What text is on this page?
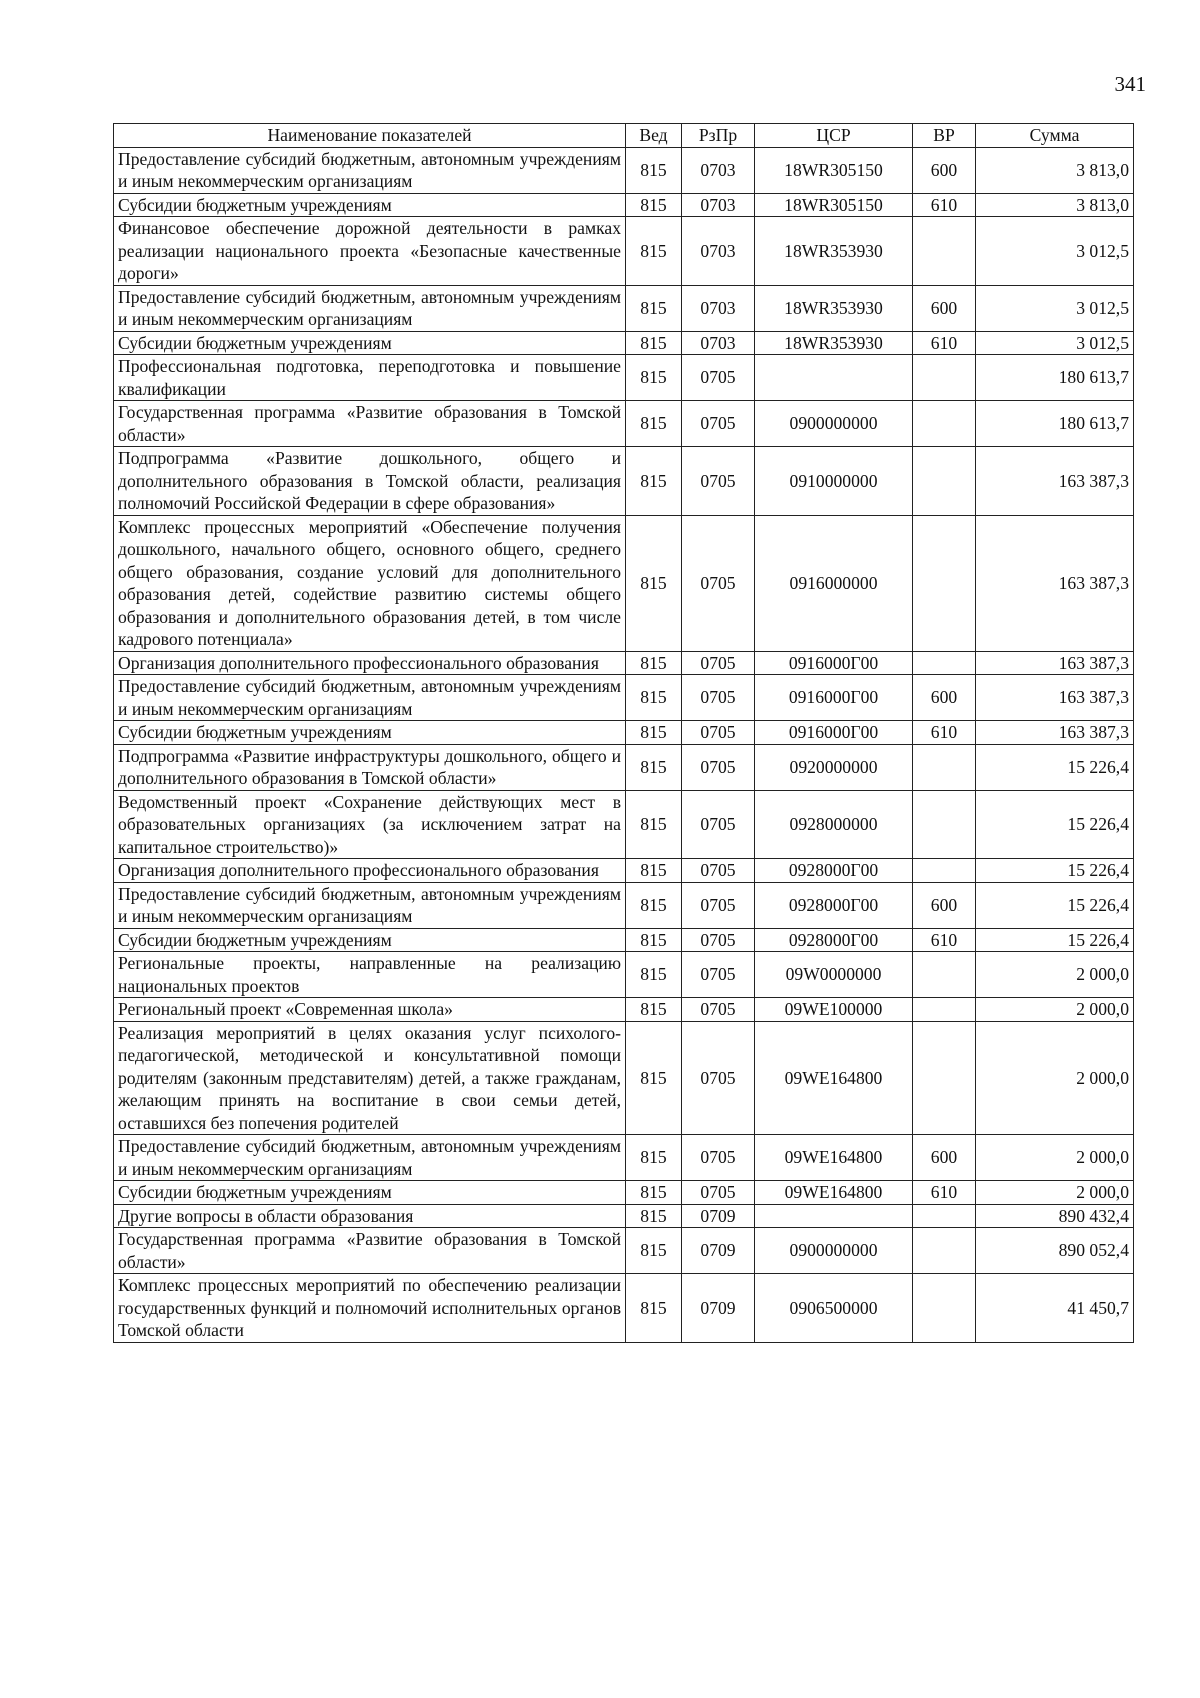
341
Наименование показателей	Вед	РзПр	ЦСР	ВР	Сумма
Предоставление субсидий бюджетным, автономным учреждениям и иным некоммерческим организациям	815	0703	18WR305150	600	3 813,0
Субсидии бюджетным учреждениям	815	0703	18WR305150	610	3 813,0
Финансовое обеспечение дорожной деятельности в рамках реализации национального проекта «Безопасные качественные дороги»	815	0703	18WR353930		3 012,5
Предоставление субсидий бюджетным, автономным учреждениям и иным некоммерческим организациям	815	0703	18WR353930	600	3 012,5
Субсидии бюджетным учреждениям	815	0703	18WR353930	610	3 012,5
Профессиональная подготовка, переподготовка и повышение квалификации	815	0705			180 613,7
Государственная программа «Развитие образования в Томской области»	815	0705	0900000000		180 613,7
Подпрограмма «Развитие дошкольного, общего и дополнительного образования в Томской области, реализация полномочий Российской Федерации в сфере образования»	815	0705	0910000000		163 387,3
Комплекс процессных мероприятий «Обеспечение получения дошкольного, начального общего, основного общего, среднего общего образования, создание условий для дополнительного образования детей, содействие развитию системы общего образования и дополнительного образования детей, в том числе кадрового потенциала»	815	0705	0916000000		163 387,3
Организация дополнительного профессионального образования	815	0705	0916000Г00		163 387,3
Предоставление субсидий бюджетным, автономным учреждениям и иным некоммерческим организациям	815	0705	0916000Г00	600	163 387,3
Субсидии бюджетным учреждениям	815	0705	0916000Г00	610	163 387,3
Подпрограмма «Развитие инфраструктуры дошкольного, общего и дополнительного образования в Томской области»	815	0705	0920000000		15 226,4
Ведомственный проект «Сохранение действующих мест в образовательных организациях (за исключением затрат на капитальное строительство)»	815	0705	0928000000		15 226,4
Организация дополнительного профессионального образования	815	0705	0928000Г00		15 226,4
Предоставление субсидий бюджетным, автономным учреждениям и иным некоммерческим организациям	815	0705	0928000Г00	600	15 226,4
Субсидии бюджетным учреждениям	815	0705	0928000Г00	610	15 226,4
Региональные проекты, направленные на реализацию национальных проектов	815	0705	09W0000000		2 000,0
Региональный проект «Современная школа»	815	0705	09WE100000		2 000,0
Реализация мероприятий в целях оказания услуг психолого-педагогической, методической и консультативной помощи родителям (законным представителям) детей, а также гражданам, желающим принять на воспитание в свои семьи детей, оставшихся без попечения родителей	815	0705	09WE164800		2 000,0
Предоставление субсидий бюджетным, автономным учреждениям и иным некоммерческим организациям	815	0705	09WE164800	600	2 000,0
Субсидии бюджетным учреждениям	815	0705	09WE164800	610	2 000,0
Другие вопросы в области образования	815	0709			890 432,4
Государственная программа «Развитие образования в Томской области»	815	0709	0900000000		890 052,4
Комплекс процессных мероприятий по обеспечению реализации государственных функций и полномочий исполнительных органов Томской области	815	0709	0906500000		41 450,7
